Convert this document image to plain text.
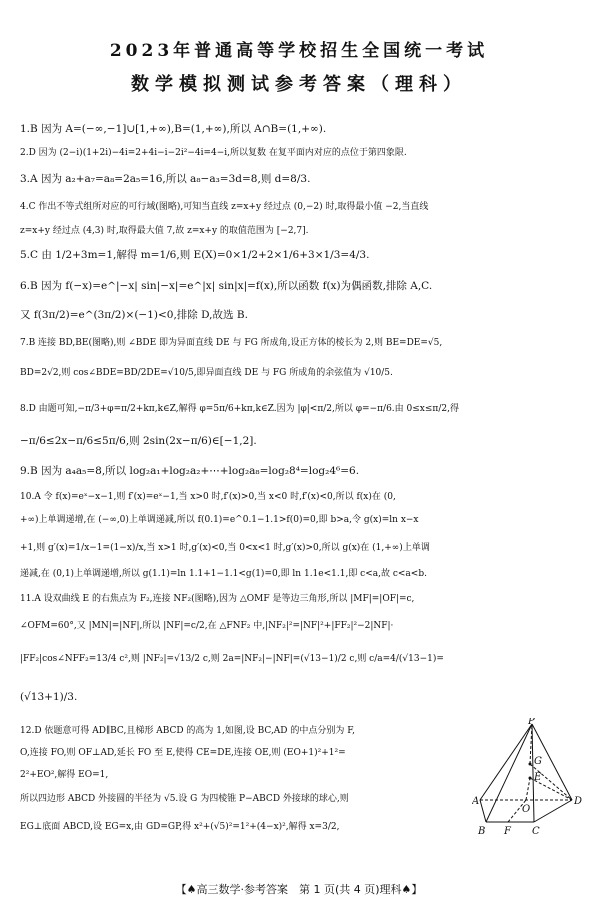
2023年普通高等学校招生全国统一考试
数学模拟测试参考答案（理科）
1.B 因为 A=(−∞,−1]∪[1,+∞),B=(1,+∞),所以 A∩B=(1,+∞).
2.D 因为 (2−i)(1+2i)−4i=2+4i−i−2i²−4i=4−i,所以复数 在复平面内对应的点位于第四象限.
3.A 因为 a₂+a₇=a₈=2a₅=16,所以 a₈−a₃=3d=8,则 d=8/3.
4.C 作出不等式组所对应的可行域(图略),可知当直线 z=x+y 经过点 (0,−2) 时,取得最小值 −2,当直线
z=x+y 经过点 (4,3) 时,取得最大值 7,故 z=x+y 的取值范围为 [−2,7].
5.C 由 1/2+3m=1,解得 m=1/6,则 E(X)=0×1/2+2×1/6+3×1/3=4/3.
6.B 因为 f(−x)=e^|−x| sin|−x|=e^|x| sin|x|=f(x),所以函数 f(x)为偶函数,排除 A,C.
又 f(3π/2)=e^(3π/2)×(−1)<0,排除 D,故选 B.
7.B 连接 BD,BE(图略),则 ∠BDE 即为异面直线 DE 与 FG 所成角,设正方体的棱长为 2,则 BE=DE=√5,
BD=2√2,则 cos∠BDE=BD/2DE=√10/5,即异面直线 DE 与 FG 所成角的余弦值为 √10/5.
8.D 由题可知,−π/3+φ=π/2+kπ,k∈Z,解得 φ=5π/6+kπ,k∈Z.因为 |φ|<π/2,所以 φ=−π/6.由 0≤x≤π/2,得
−π/6≤2x−π/6≤5π/6,则 2sin(2x−π/6)∈[−1,2].
9.B 因为 a₄a₅=8,所以 log₂a₁+log₂a₂+⋯+log₂a₈=log₂8⁴=log₂4⁶=6.
10.A 令 f(x)=eˣ−x−1,则 f′(x)=eˣ−1,当 x>0 时,f′(x)>0,当 x<0 时,f′(x)<0,所以 f(x)在 (0,
+∞)上单调递增,在 (−∞,0)上单调递减,所以 f(0.1)=e^0.1−1.1>f(0)=0,即 b>a,令 g(x)=ln x−x
+1,则 g′(x)=1/x−1=(1−x)/x,当 x>1 时,g′(x)<0,当 0<x<1 时,g′(x)>0,所以 g(x)在 (1,+∞)上单调
递减,在 (0,1)上单调递增,所以 g(1.1)=ln 1.1+1−1.1<g(1)=0,即 ln 1.1e<1.1,即 c<a,故 c<a<b.
11.A 设双曲线 E 的右焦点为 F₂,连接 NF₂(图略),因为 △OMF 是等边三角形,所以 |MF|=|OF|=c,
∠OFM=60°,又 |MN|=|NF|,所以 |NF|=c/2,在 △FNF₂ 中,|NF₂|²=|NF|²+|FF₂|²−2|NF|·
|FF₂|cos∠NFF₂=13/4 c²,则 |NF₂|=√13/2 c,则 2a=|NF₂|−|NF|=(√13−1)/2 c,则 c/a=4/(√13−1)=
(√13+1)/3.
12.D 依题意可得 AD∥BC,且梯形 ABCD 的高为 1,如图,设 BC,AD 的中点分别为 F,
O,连接 FO,则 OF⊥AD,延长 FO 至 E,使得 CE=DE,连接 OE,则 (EO+1)²+1²=
2²+EO²,解得 EO=1,
所以四边形 ABCD 外接圆的半径为 √5.设 G 为四棱锥 P−ABCD 外接球的球心,则
EG⊥底面 ABCD,设 EG=x,由 GD=GP,得 x²+(√5)²=1²+(4−x)²,解得 x=3/2,
P
G
E
A
O
D
B F C
【♠高三数学·参考答案　第 1 页(共 4 页)理科♠】
